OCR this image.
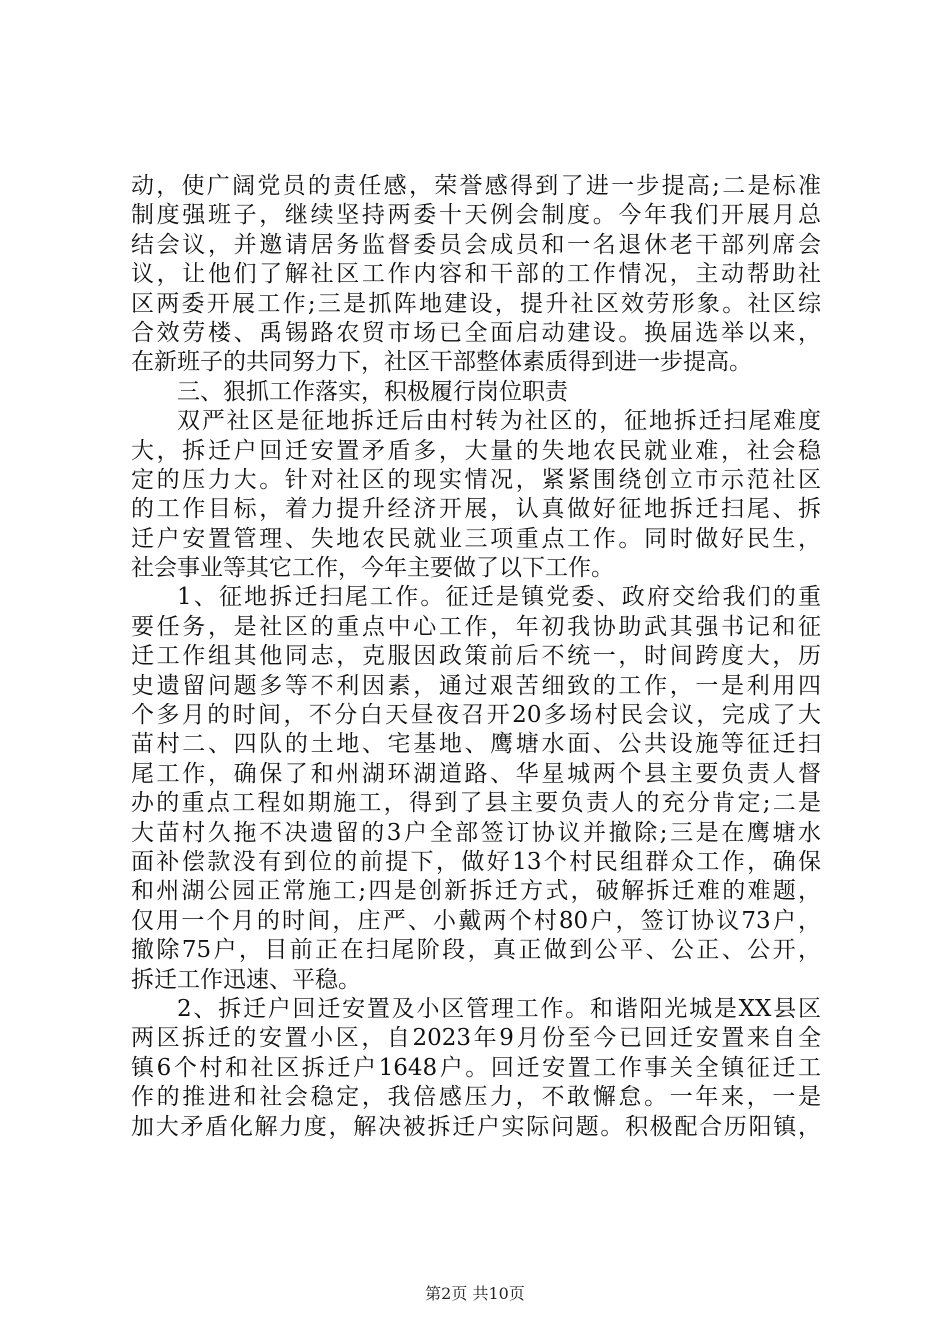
动，使广阔党员的责任感，荣誉感得到了进一步提高;二是标准
制度强班子，继续坚持两委十天例会制度。今年我们开展月总
结会议，并邀请居务监督委员会成员和一名退休老干部列席会
议，让他们了解社区工作内容和干部的工作情况，主动帮助社
区两委开展工作;三是抓阵地建设，提升社区效劳形象。社区综
合效劳楼、禹锡路农贸市场已全面启动建设。换届选举以来，
在新班子的共同努力下，社区干部整体素质得到进一步提高。
三、狠抓工作落实，积极履行岗位职责
双严社区是征地拆迁后由村转为社区的，征地拆迁扫尾难度
大，拆迁户回迁安置矛盾多，大量的失地农民就业难，社会稳
定的压力大。针对社区的现实情况，紧紧围绕创立市示范社区
的工作目标，着力提升经济开展，认真做好征地拆迁扫尾、拆
迁户安置管理、失地农民就业三项重点工作。同时做好民生，
社会事业等其它工作，今年主要做了以下工作。
1、征地拆迁扫尾工作。征迁是镇党委、政府交给我们的重
要任务，是社区的重点中心工作，年初我协助武其强书记和征
迁工作组其他同志，克服因政策前后不统一，时间跨度大，历
史遗留问题多等不利因素，通过艰苦细致的工作，一是利用四
个多月的时间，不分白天昼夜召开20多场村民会议，完成了大
苗村二、四队的土地、宅基地、鹰塘水面、公共设施等征迁扫
尾工作，确保了和州湖环湖道路、华星城两个县主要负责人督
办的重点工程如期施工，得到了县主要负责人的充分肯定;二是
大苗村久拖不决遗留的3户全部签订协议并撤除;三是在鹰塘水
面补偿款没有到位的前提下，做好13个村民组群众工作，确保
和州湖公园正常施工;四是创新拆迁方式，破解拆迁难的难题，
仅用一个月的时间，庄严、小戴两个村80户，签订协议73户，
撤除75户，目前正在扫尾阶段，真正做到公平、公正、公开，
拆迁工作迅速、平稳。
2、拆迁户回迁安置及小区管理工作。和谐阳光城是XX县区
两区拆迁的安置小区，自2023年9月份至今已回迁安置来自全
镇6个村和社区拆迁户1648户。回迁安置工作事关全镇征迁工
作的推进和社会稳定，我倍感压力，不敢懈怠。一年来，一是
加大矛盾化解力度，解决被拆迁户实际问题。积极配合历阳镇，
第2页 共10页
